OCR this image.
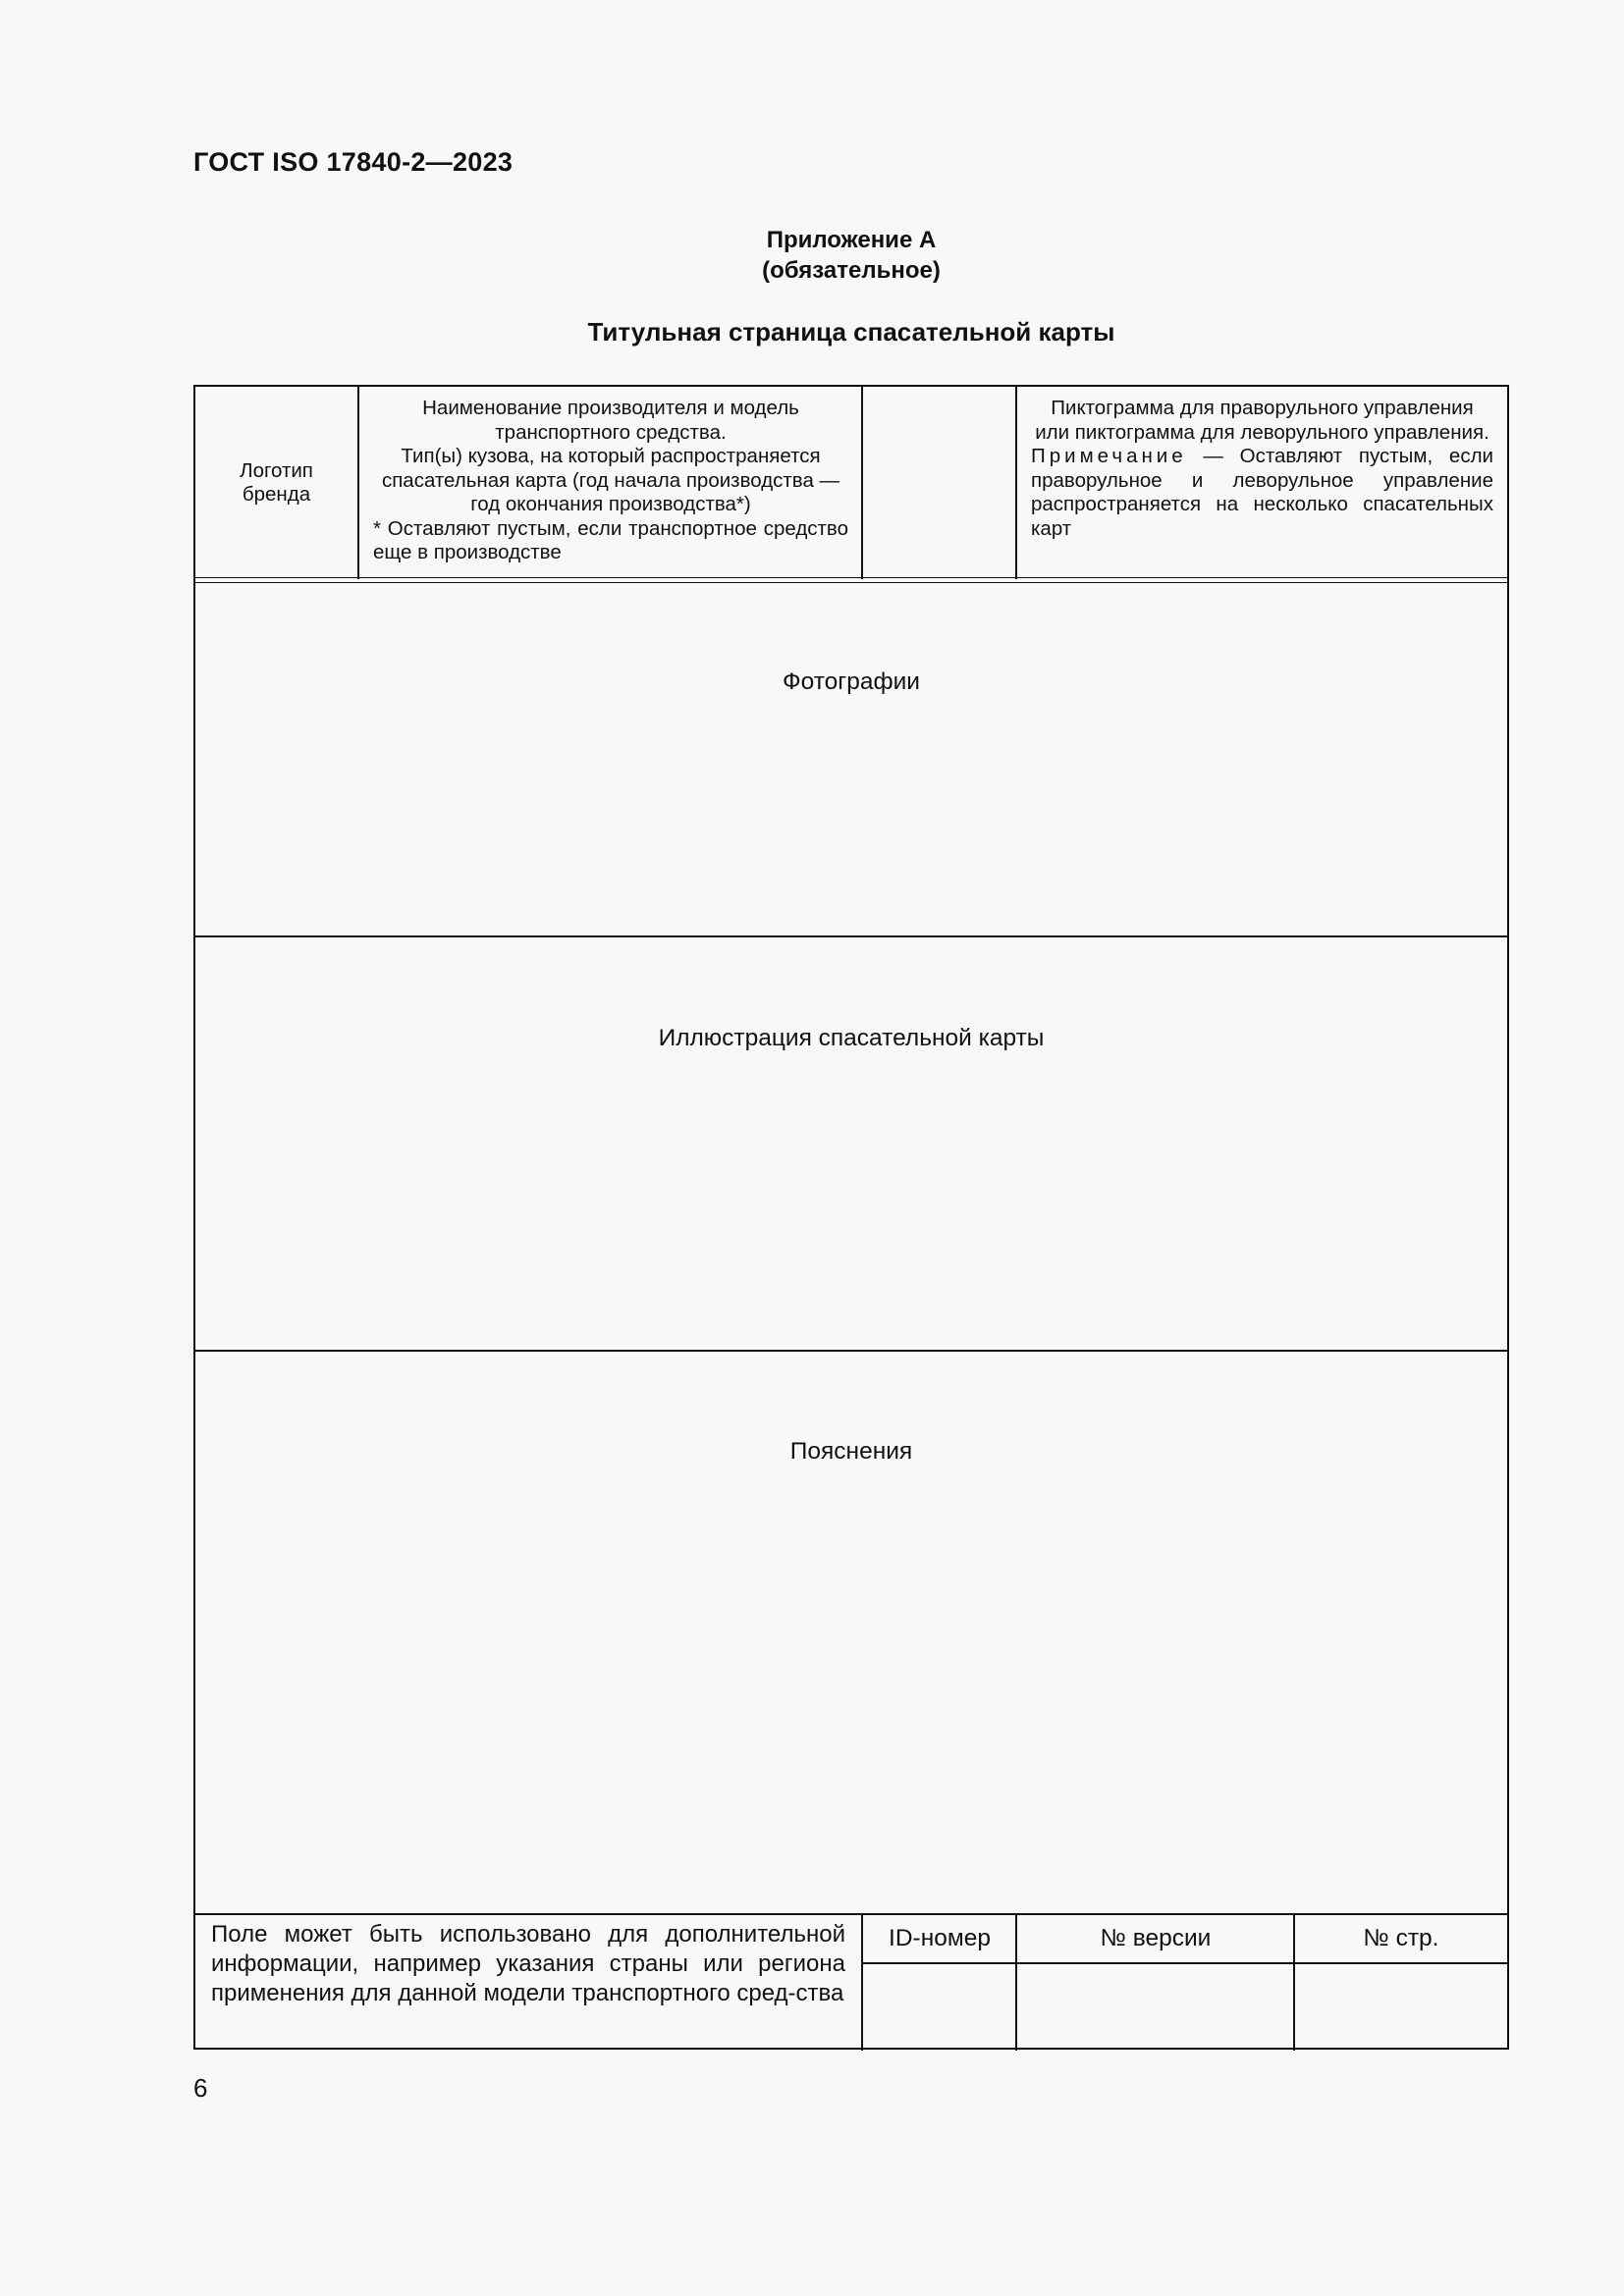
ГОСТ ISO 17840-2—2023
Приложение А
(обязательное)
Титульная страница спасательной карты
Логотип бренда
Наименование производителя и модель транспортного средства.
Тип(ы) кузова, на который распространяется спасательная карта (год начала производства — год окончания производства*)
* Оставляют пустым, если транспортное средство еще в производстве
Пиктограмма для праворульного управления или пиктограмма для леворульного управления.
Примечание — Оставляют пустым, если праворульное и леворульное управление распространяется на несколько спасательных карт
Фотографии
Иллюстрация спасательной карты
Пояснения
Поле может быть использовано для дополнительной информации, например указания страны или региона применения для данной модели транспортного сред-ства
ID-номер	№ версии	№ стр.
6
